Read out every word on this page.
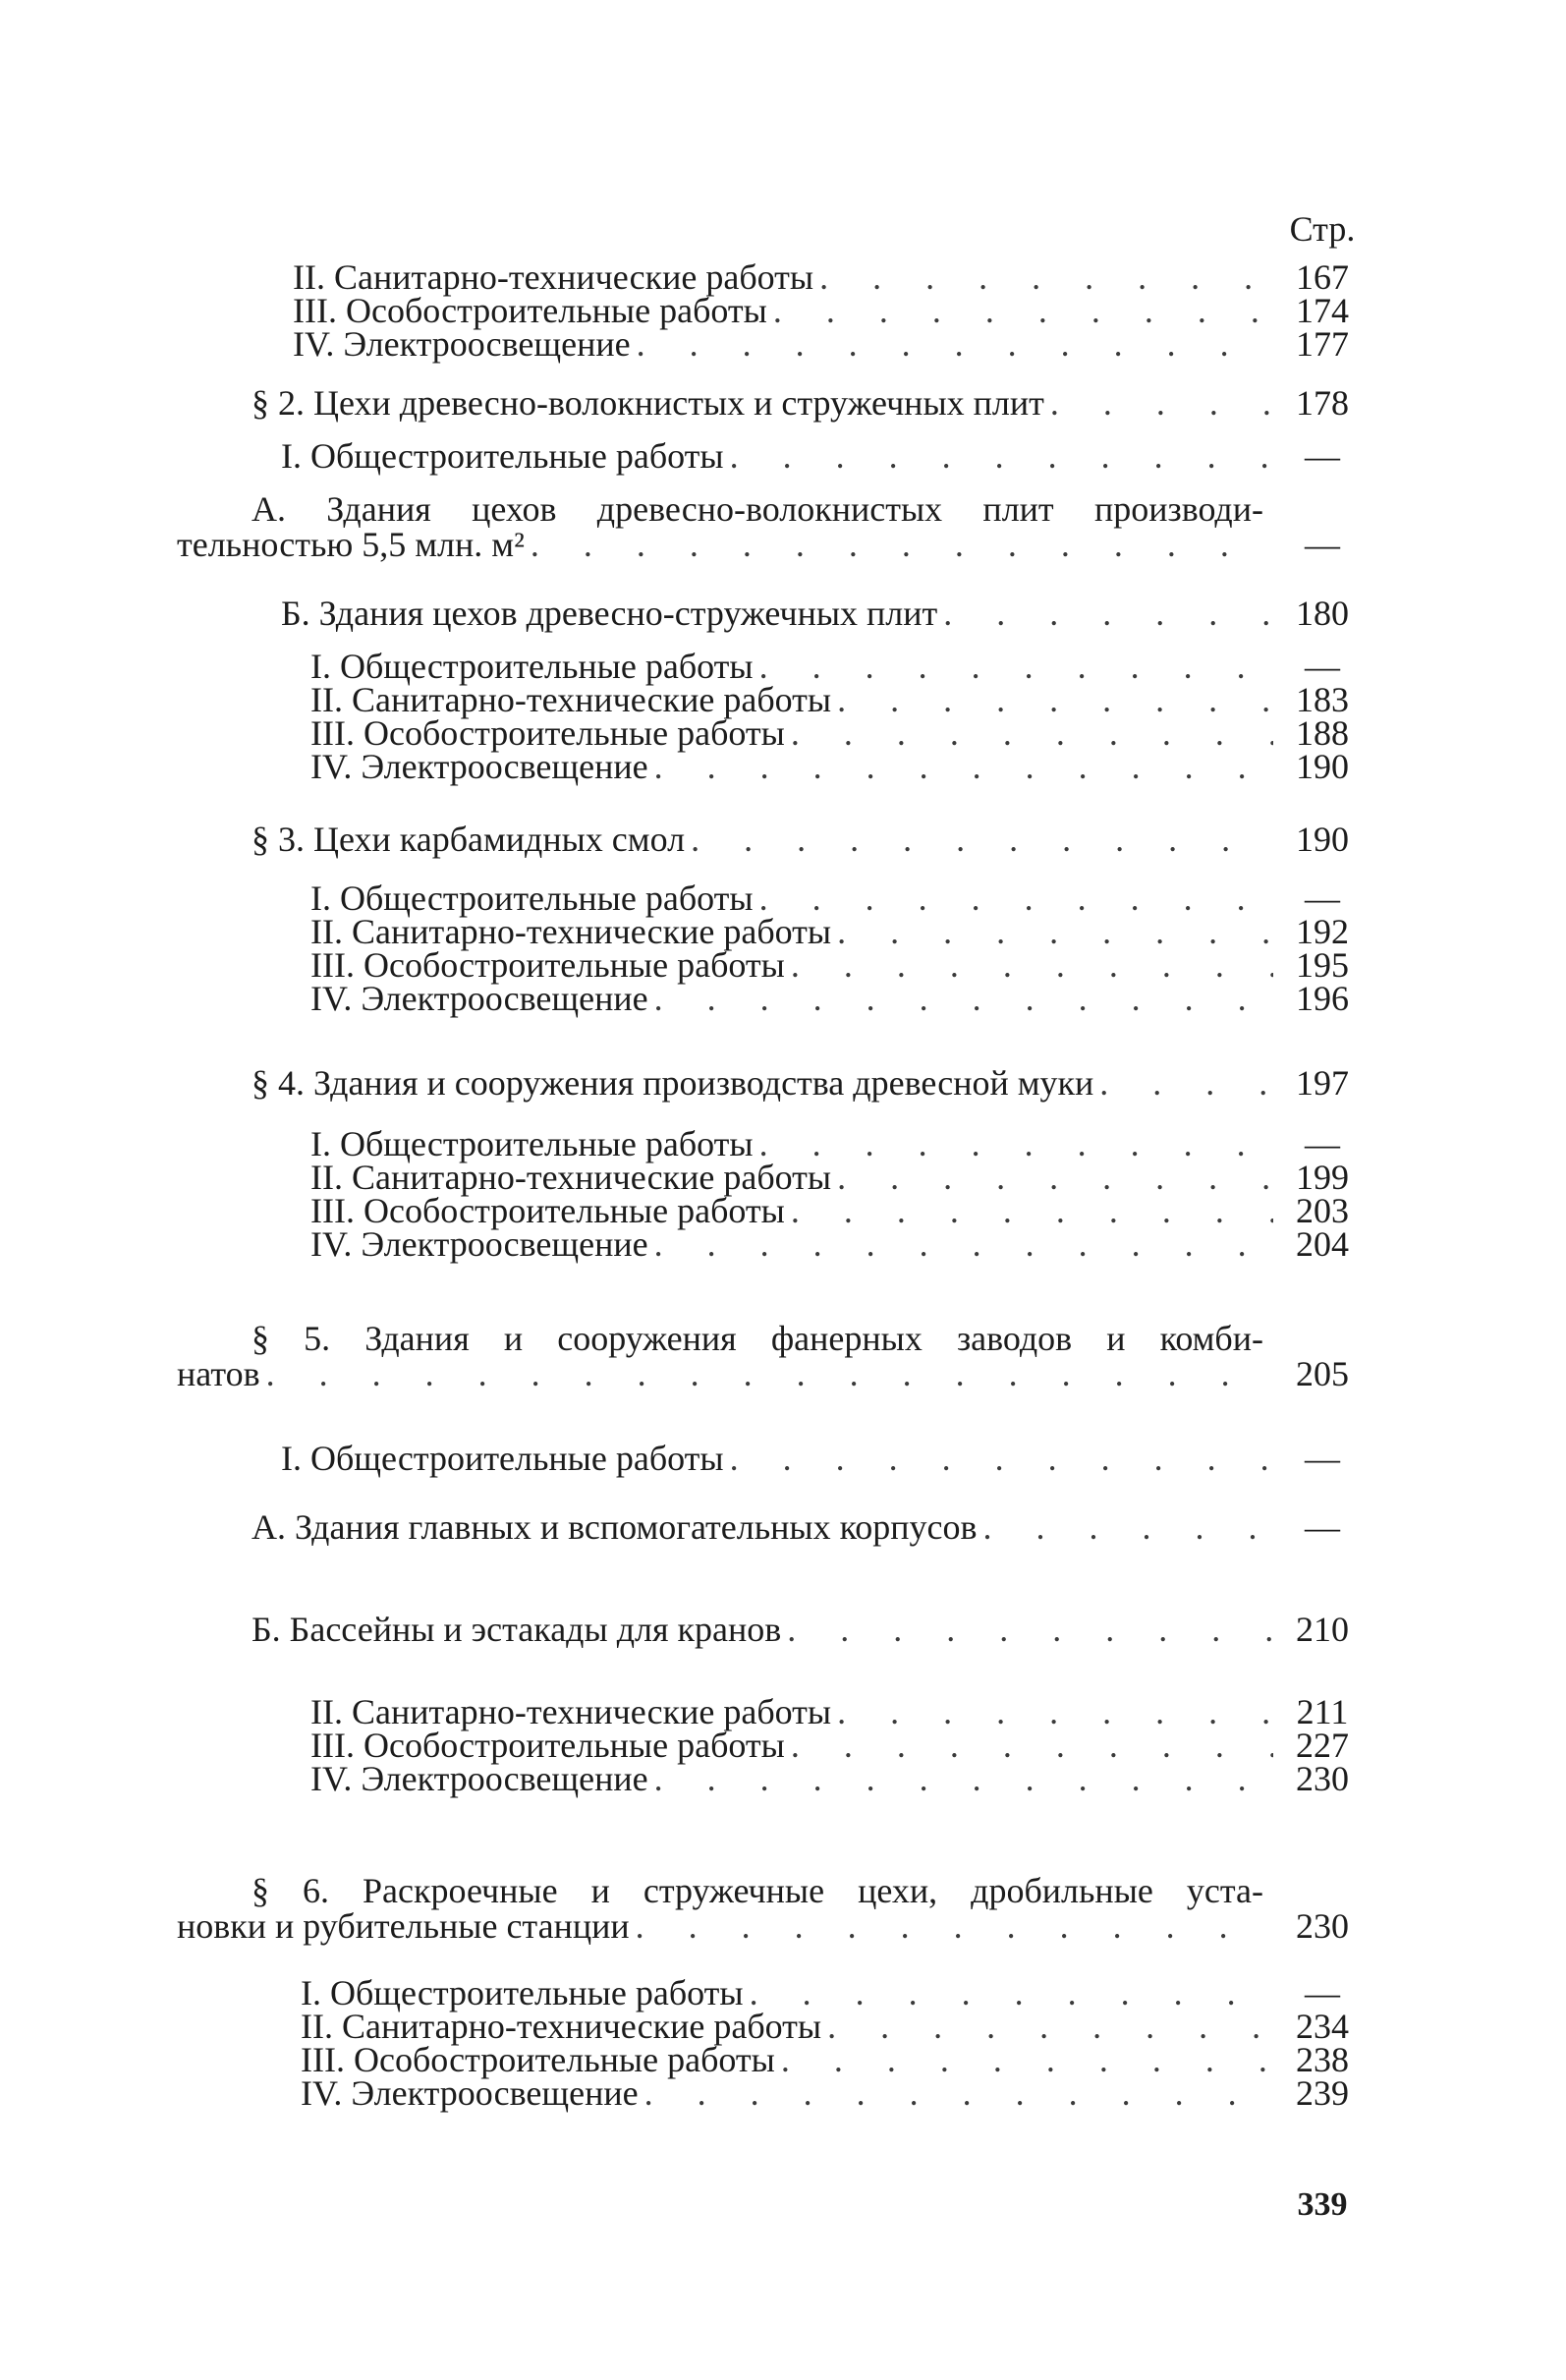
Стр.
II. Санитарно-технические работы . . .	167
III. Особостроительные работы . . .	174
IV. Электроосвещение . . .	177
§ 2. Цехи древесно-волокнистых и стружечных плит . . .	178
I. Общестроительные работы . . .	—
А. Здания цехов древесно-волокнистых плит производи-
тельностью 5,5 млн. м² . . .	—
Б. Здания цехов древесно-стружечных плит . . .	180
I. Общестроительные работы . . .	—
II. Санитарно-технические работы . . .	183
III. Особостроительные работы . . .	188
IV. Электроосвещение . . .	190
§ 3. Цехи карбамидных смол . . .	190
I. Общестроительные работы . . .	—
II. Санитарно-технические работы . . .	192
III. Особостроительные работы . . .	195
IV. Электроосвещение . . .	196
§ 4. Здания и сооружения производства древесной муки . . .	197
I. Общестроительные работы . . .	—
II. Санитарно-технические работы . . .	199
III. Особостроительные работы . . .	203
IV. Электроосвещение . . .	204
§ 5. Здания и сооружения фанерных заводов и комби-
натов . . .	205
I. Общестроительные работы . . .	—
А. Здания главных и вспомогательных корпусов . . .	—
Б. Бассейны и эстакады для кранов . . .	210
II. Санитарно-технические работы . . .	211
III. Особостроительные работы . . .	227
IV. Электроосвещение . . .	230
§ 6. Раскроечные и стружечные цехи, дробильные уста-
новки и рубительные станции . . .	230
I. Общестроительные работы . . .	—
II. Санитарно-технические работы . . .	234
III. Особостроительные работы . . .	238
IV. Электроосвещение . . .	239
339
